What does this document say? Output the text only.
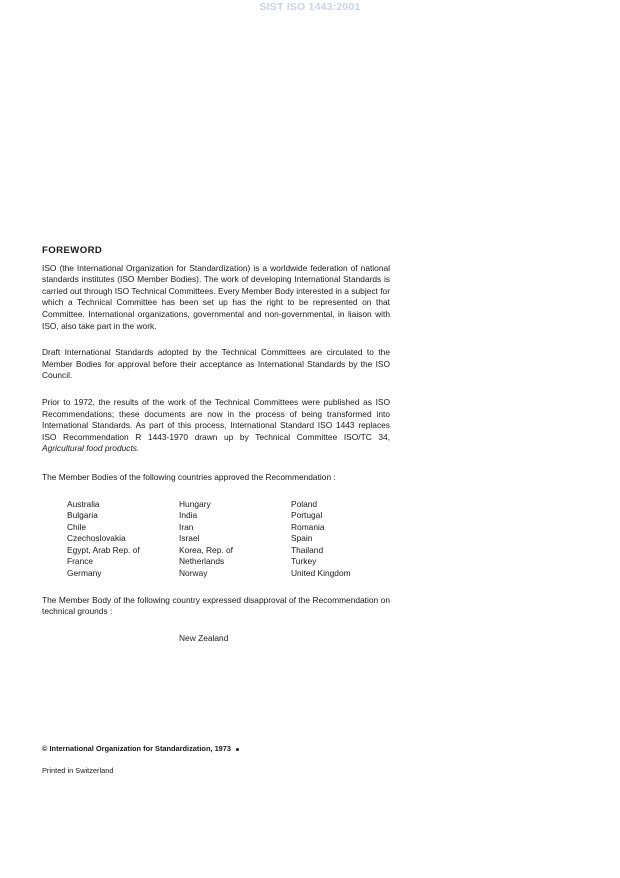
SIST ISO 1443:2001
FOREWORD

ISO (the International Organization for Standardization) is a worldwide federation of national standards institutes (ISO Member Bodies). The work of developing International Standards is carried out through ISO Technical Committees. Every Member Body interested in a subject for which a Technical Committee has been set up has the right to be represented on that Committee. International organizations, governmental and non-governmental, in liaison with ISO, also take part in the work.

Draft International Standards adopted by the Technical Committees are circulated to the Member Bodies for approval before their acceptance as International Standards by the ISO Council.

Prior to 1972, the results of the work of the Technical Committees were published as ISO Recommendations; these documents are now in the process of being transformed into International Standards. As part of this process, International Standard ISO 1443 replaces ISO Recommendation R 1443-1970 drawn up by Technical Committee ISO/TC 34, Agricultural food products.

The Member Bodies of the following countries approved the Recommendation :

Australia
Bulgaria
Chile
Czechoslovakia
Egypt, Arab Rep. of
France
Germany
Hungary
India
Iran
Israel
Korea, Rep. of
Netherlands
Norway
Poland
Portugal
Romania
Spain
Thailand
Turkey
United Kingdom

The Member Body of the following country expressed disapproval of the Recommendation on technical grounds :

New Zealand
© International Organization for Standardization, 1973
Printed in Switzerland
